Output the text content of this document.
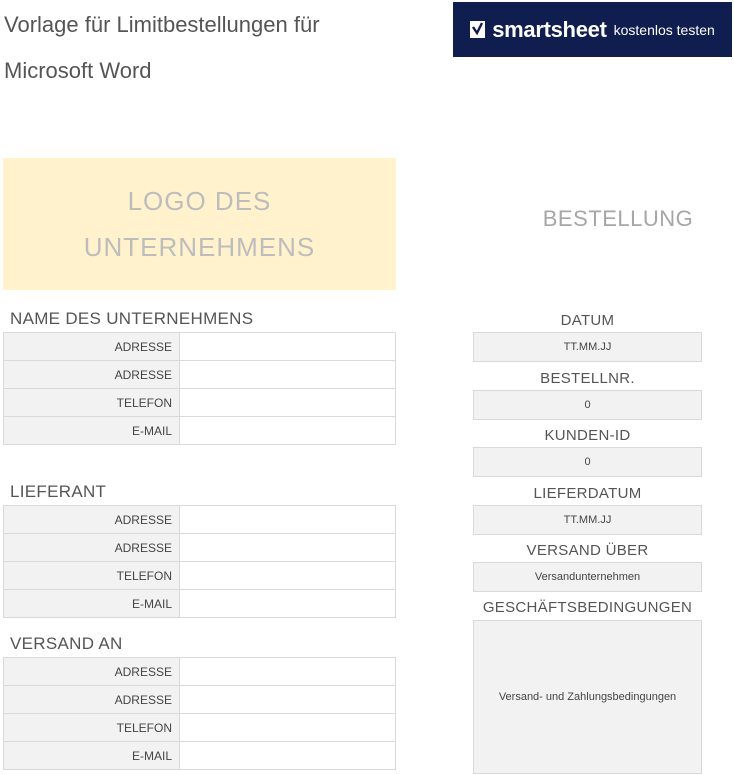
Vorlage für Limitbestellungen für
Microsoft Word
smartsheet kostenlos testen
LOGO DES
UNTERNEHMENS
BESTELLUNG
NAME DES UNTERNEHMENS
ADRESSE	
ADRESSE	
TELEFON	
E-MAIL	
LIEFERANT
ADRESSE	
ADRESSE	
TELEFON	
E-MAIL	
VERSAND AN
ADRESSE	
ADRESSE	
TELEFON	
E-MAIL	
DATUM
TT.MM.JJ
BESTELLNR.
0
KUNDEN-ID
0
LIEFERDATUM
TT.MM.JJ
VERSAND ÜBER
Versandunternehmen
GESCHÄFTSBEDINGUNGEN
Versand- und Zahlungsbedingungen
